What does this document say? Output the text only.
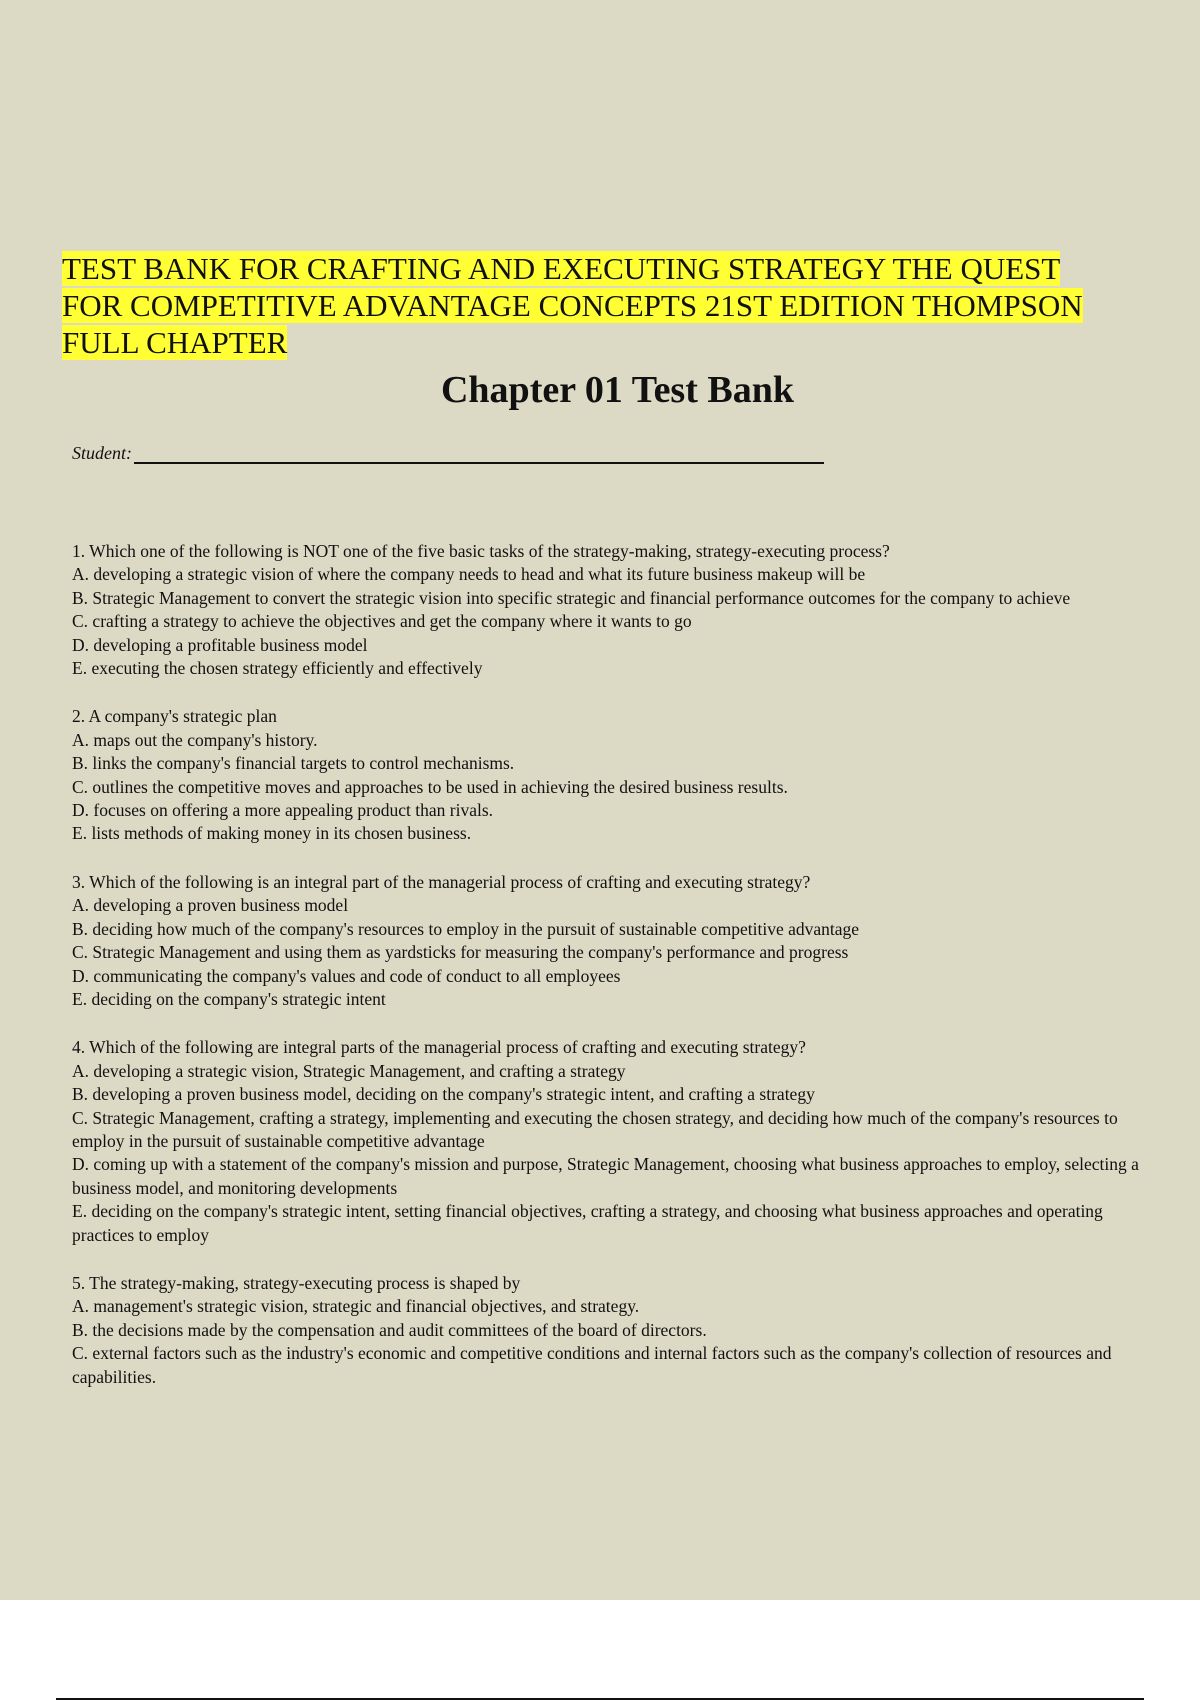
TEST BANK FOR CRAFTING AND EXECUTING STRATEGY THE QUEST
FOR COMPETITIVE ADVANTAGE CONCEPTS 21ST EDITION THOMPSON
FULL CHAPTER
Chapter 01 Test Bank
Student:

1. Which one of the following is NOT one of the five basic tasks of the strategy-making, strategy-executing process?

A. developing a strategic vision of where the company needs to head and what its future business makeup will be

B. Strategic Management to convert the strategic vision into specific strategic and financial performance outcomes for the company to achieve

C. crafting a strategy to achieve the objectives and get the company where it wants to go

D. developing a profitable business model

E. executing the chosen strategy efficiently and effectively

2. A company's strategic plan

A. maps out the company's history.

B. links the company's financial targets to control mechanisms.

C. outlines the competitive moves and approaches to be used in achieving the desired business results.

D. focuses on offering a more appealing product than rivals.

E. lists methods of making money in its chosen business.

3. Which of the following is an integral part of the managerial process of crafting and executing strategy?

A. developing a proven business model

B. deciding how much of the company's resources to employ in the pursuit of sustainable competitive advantage

C. Strategic Management and using them as yardsticks for measuring the company's performance and progress

D. communicating the company's values and code of conduct to all employees

E. deciding on the company's strategic intent

4. Which of the following are integral parts of the managerial process of crafting and executing strategy?

A. developing a strategic vision, Strategic Management, and crafting a strategy

B. developing a proven business model, deciding on the company's strategic intent, and crafting a strategy

C. Strategic Management, crafting a strategy, implementing and executing the chosen strategy, and deciding how much of the company's resources to employ in the pursuit of sustainable competitive advantage

D. coming up with a statement of the company's mission and purpose, Strategic Management, choosing what business approaches to employ, selecting a business model, and monitoring developments

E. deciding on the company's strategic intent, setting financial objectives, crafting a strategy, and choosing what business approaches and operating practices to employ

5. The strategy-making, strategy-executing process is shaped by

A. management's strategic vision, strategic and financial objectives, and strategy.

B. the decisions made by the compensation and audit committees of the board of directors.

C. external factors such as the industry's economic and competitive conditions and internal factors such as the company's collection of resources and capabilities.
